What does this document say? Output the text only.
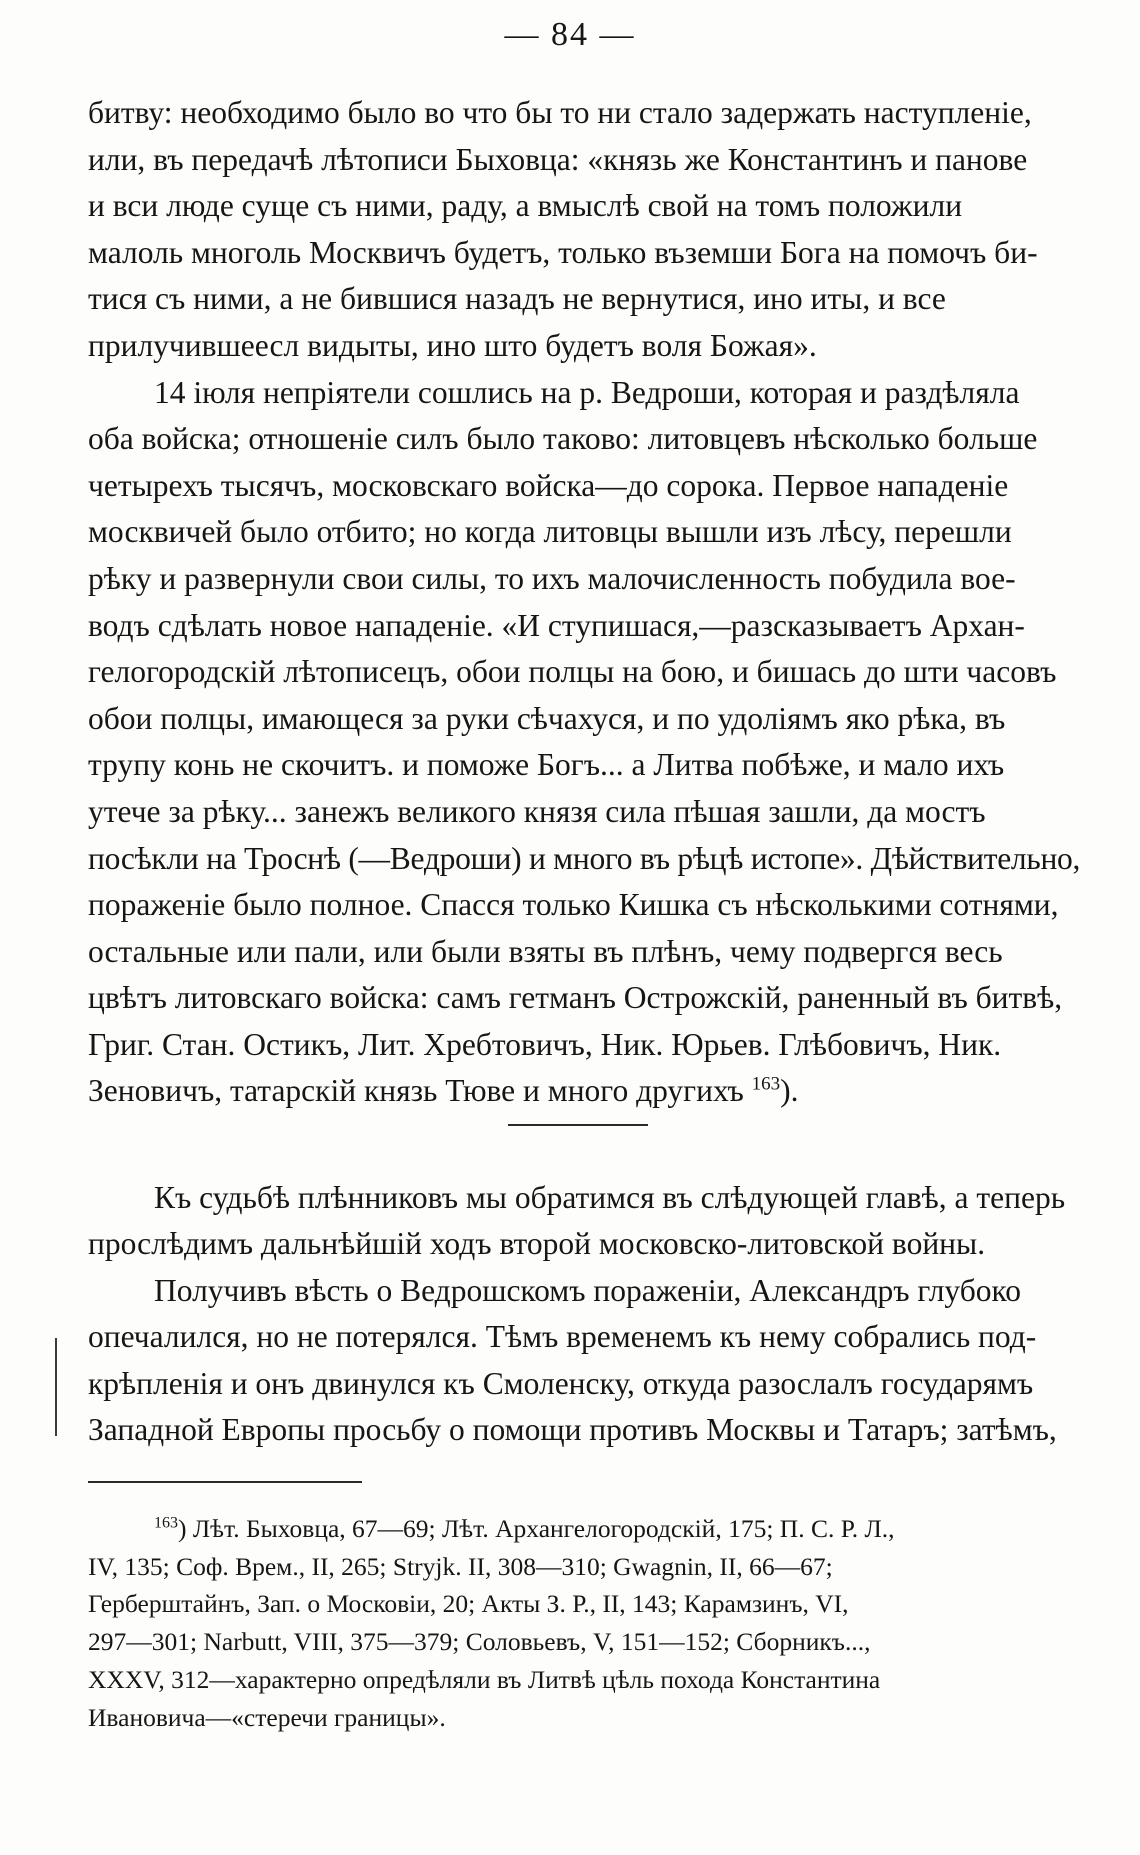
— 84 —

битву: необходимо было во что бы то ни стало задержать наступленіе,
или, въ передачѣ лѣтописи Быховца: «князь же Константинъ и панове
и вси люде суще съ ними, раду, а вмыслѣ свой на томъ положили
малоль многоль Москвичъ будетъ, только въземши Бога на помочъ би-
тися съ ними, а не бившися назадъ не вернутися, ино иты, и все
прилучившеесл видыты, ино што будетъ воля Божая».

14 іюля непріятели сошлись на р. Ведроши, которая и раздѣляла
оба войска; отношеніе силъ было таково: литовцевъ нѣсколько больше
четырехъ тысячъ, московскаго войска—до сорока. Первое нападеніе
москвичей было отбито; но когда литовцы вышли изъ лѣсу, перешли
рѣку и развернули свои силы, то ихъ малочисленность побудила вое-
водъ сдѣлать новое нападеніе. «И ступишася,—разсказываетъ Архан-
гелогородскій лѣтописецъ, обои полцы на бою, и бишась до шти часовъ
обои полцы, имающеся за руки сѣчахуся, и по удоліямъ яко рѣка, въ
трупу конь не скочитъ. и поможе Богъ... а Литва побѣже, и мало ихъ
утече за рѣку... занежъ великого князя сила пѣшая зашли, да мостъ
посѣкли на Троснѣ (—Ведроши) и много въ рѣцѣ истопе». Дѣйствительно,
пораженіе было полное. Спасся только Кишка съ нѣсколькими сотнями,
остальные или пали, или были взяты въ плѣнъ, чему подвергся весь
цвѣтъ литовскаго войска: самъ гетманъ Острожскій, раненный въ битвѣ,
Григ. Стан. Остикъ, Лит. Хребтовичъ, Ник. Юрьев. Глѣбовичъ, Ник.
Зеновичъ, татарскій князь Тюве и много другихъ $^{163}$).

Къ судьбѣ плѣнниковъ мы обратимся въ слѣдующей главѣ, а теперь
прослѣдимъ дальнѣйшій ходъ второй московско-литовской войны.

Получивъ вѣсть о Ведрошскомъ пораженіи, Александръ глубоко
опечалился, но не потерялся. Тѣмъ временемъ къ нему собрались под-
крѣпленія и онъ двинулся къ Смоленску, откуда разослалъ государямъ
Западной Европы просьбу о помощи противъ Москвы и Татаръ; затѣмъ,

$^{163}$) Лѣт. Быховца, 67—69; Лѣт. Архангелогородскій, 175; П. С. Р. Л.,
IV, 135; Соф. Врем., II, 265; Stryjk. II, 308—310; Gwagnin, II, 66—67;
Герберштайнъ, Зап. о Московіи, 20; Акты З. Р., II, 143; Карамзинъ, VI,
297—301; Narbutt, VIII, 375—379; Соловьевъ, V, 151—152; Сборникъ...,
XXXV, 312—характерно опредѣляли въ Литвѣ цѣль похода Константина
Ивановича—«стеречи границы».
